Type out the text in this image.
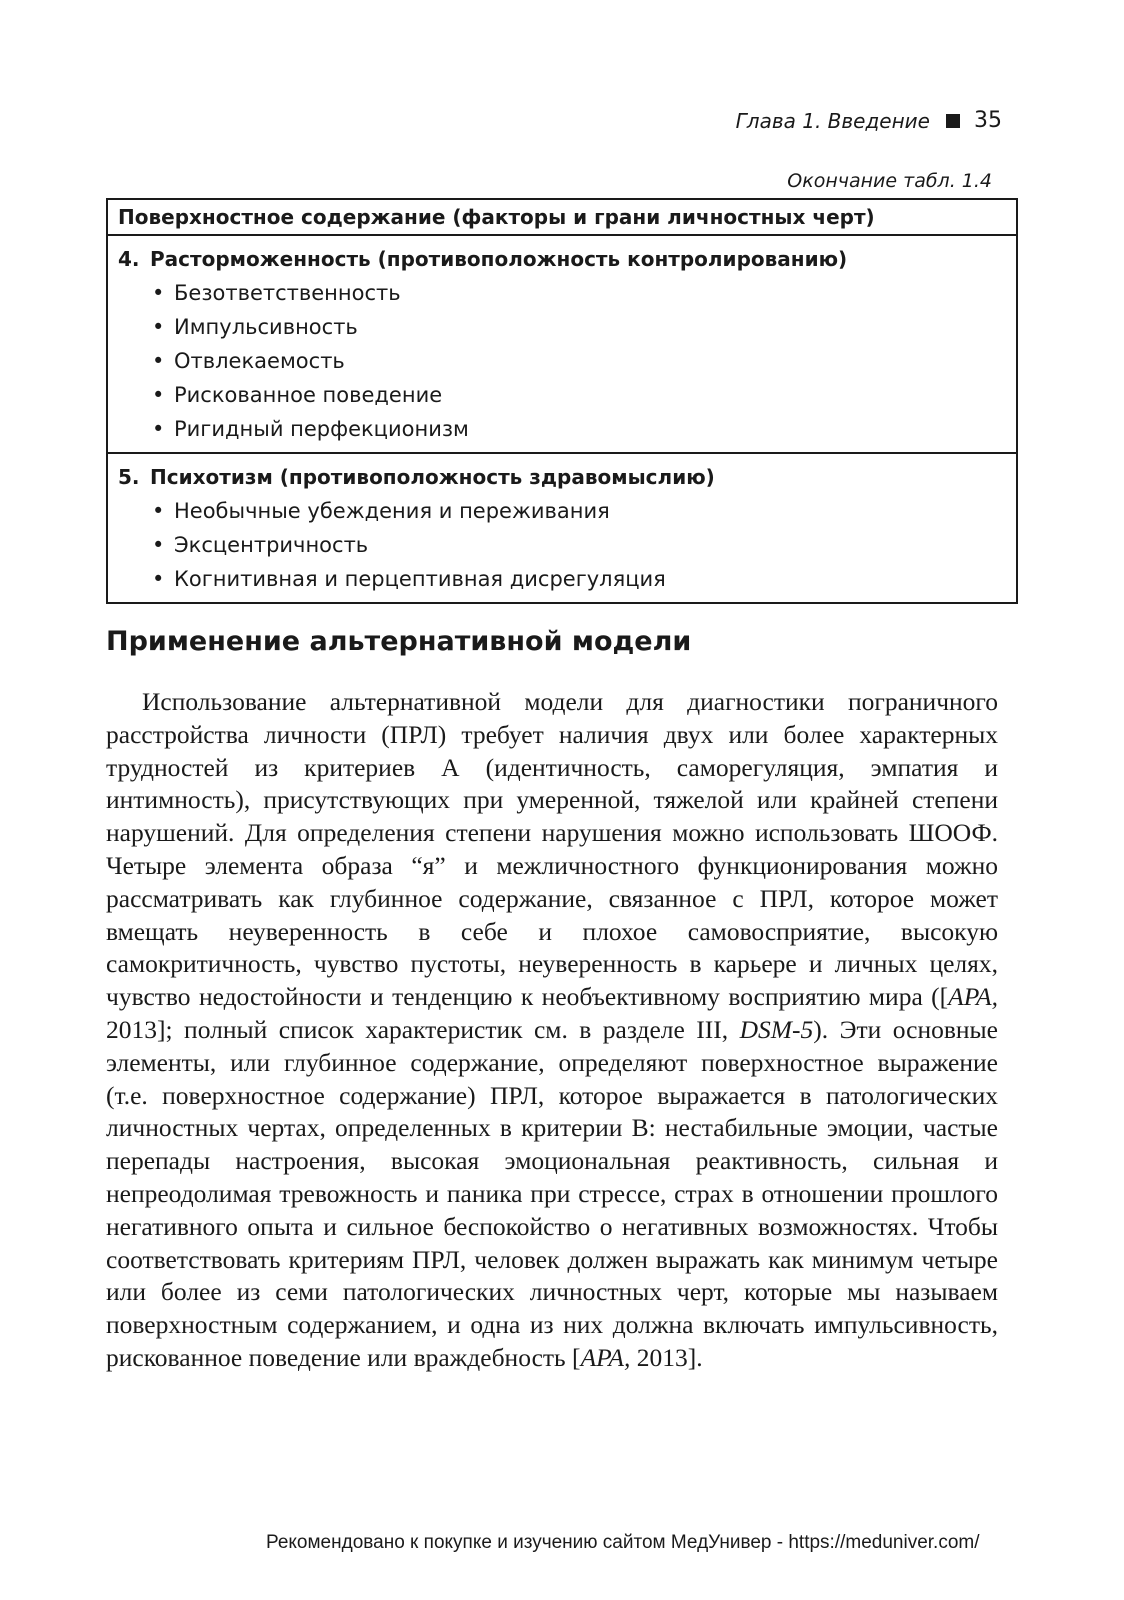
Глава 1. Введение 35
Окончание табл. 1.4
Поверхностное содержание (факторы и грани личностных черт)
4. Расторможенность (противоположность контролированию)
• Безответственность
• Импульсивность
• Отвлекаемость
• Рискованное поведение
• Ригидный перфекционизм
5. Психотизм (противоположность здравомыслию)
• Необычные убеждения и переживания
• Эксцентричность
• Когнитивная и перцептивная дисрегуляция
Применение альтернативной модели

Использование альтернативной модели для диагностики пограничного расстройства личности (ПРЛ) требует наличия двух или более характерных трудностей из критериев А (идентичность, саморегуляция, эмпатия и интимность), присутствующих при умеренной, тяжелой или крайней степени нарушений. Для определения степени нарушения можно использовать ШООФ. Четыре элемента образа “я” и межличностного функционирования можно рассматривать как глубинное содержание, связанное с ПРЛ, которое может вмещать неуверенность в себе и плохое самовосприятие, высокую самокритичность, чувство пустоты, неуверенность в карьере и личных целях, чувство недостойности и тенденцию к необъективному восприятию мира ([APA, 2013]; полный список характеристик см. в разделе III, DSM-5). Эти основные элементы, или глубинное содержание, определяют поверхностное выражение (т.е. поверхностное содержание) ПРЛ, которое выражается в патологических личностных чертах, определенных в критерии В: нестабильные эмоции, частые перепады настроения, высокая эмоциональная реактивность, сильная и непреодолимая тревожность и паника при стрессе, страх в отношении прошлого негативного опыта и сильное беспокойство о негативных возможностях. Чтобы соответствовать критериям ПРЛ, человек должен выражать как минимум четыре или более из семи патологических личностных черт, которые мы называем поверхностным содержанием, и одна из них должна включать импульсивность, рискованное поведение или враждебность [APA, 2013].

Рекомендовано к покупке и изучению сайтом МедУнивер - https://meduniver.com/
